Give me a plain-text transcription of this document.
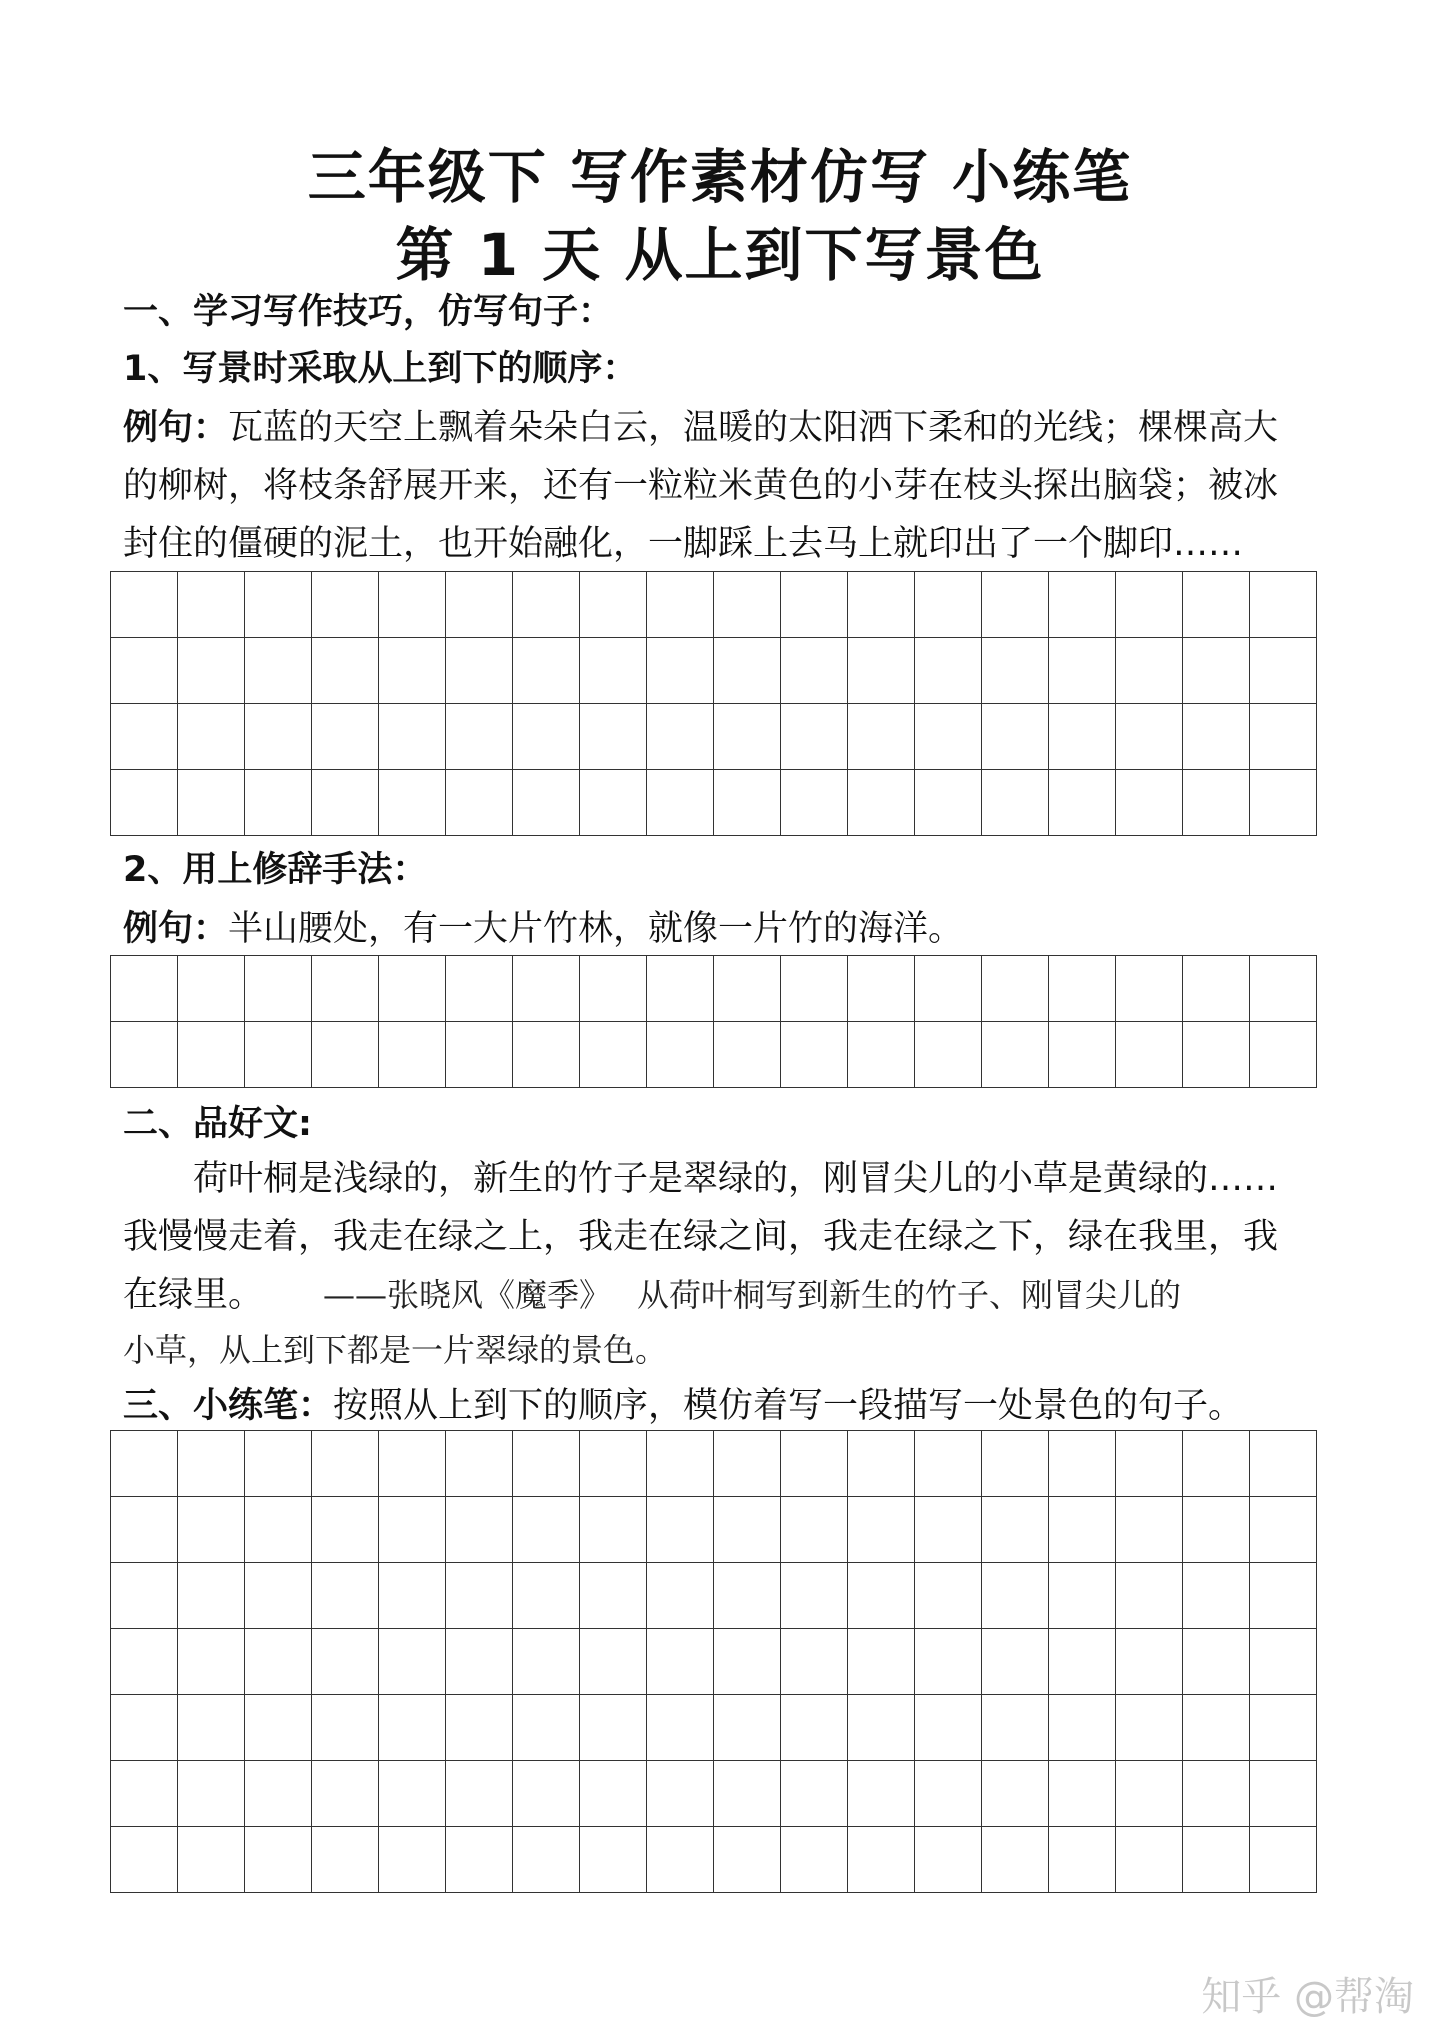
三年级下 写作素材仿写 小练笔
第 1 天 从上到下写景色

一、学习写作技巧，仿写句子：

1、写景时采取从上到下的顺序：

例句：瓦蓝的天空上飘着朵朵白云，温暖的太阳洒下柔和的光线；棵棵高大

的柳树，将枝条舒展开来，还有一粒粒米黄色的小芽在枝头探出脑袋；被冰

封住的僵硬的泥土，也开始融化，一脚踩上去马上就印出了一个脚印……

2、用上修辞手法：

例句：半山腰处，有一大片竹林，就像一片竹的海洋。

二、品好文:

荷叶桐是浅绿的，新生的竹子是翠绿的，刚冒尖儿的小草是黄绿的……

我慢慢走着，我走在绿之上，我走在绿之间，我走在绿之下，绿在我里，我

在绿里。 ——张晓风《魔季》 从荷叶桐写到新生的竹子、刚冒尖儿的

小草，从上到下都是一片翠绿的景色。

三、小练笔：按照从上到下的顺序，模仿着写一段描写一处景色的句子。

知乎 @帮淘
